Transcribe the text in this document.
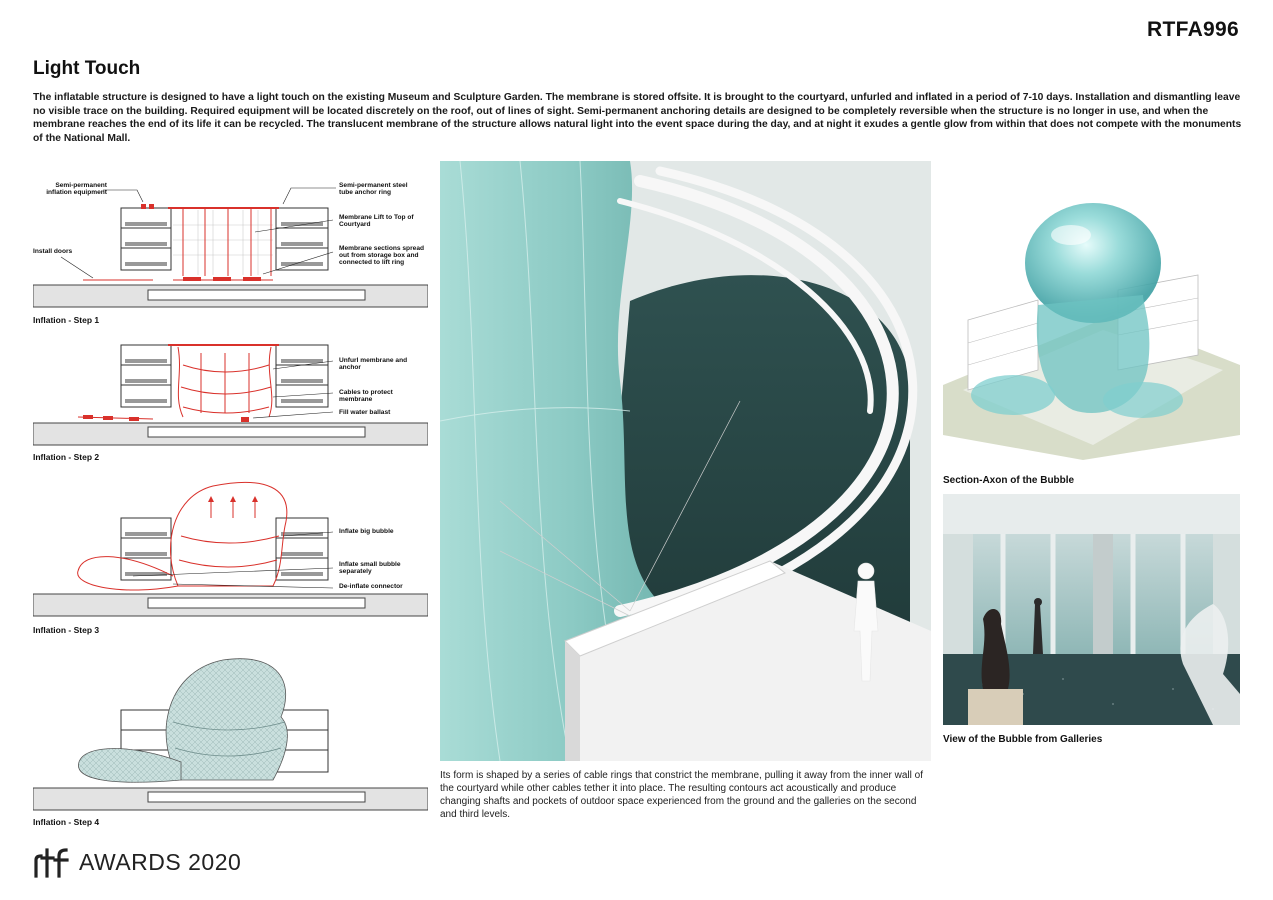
RTFA996
Light Touch
The inflatable structure is designed to have a light touch on the existing Museum and Sculpture Garden. The membrane is stored offsite. It is brought to the courtyard, unfurled and inflated in a period of 7-10 days. Installation and dismantling leave no visible trace on the building. Required equipment will be located discretely on the roof, out of lines of sight. Semi-permanent anchoring details are designed to be completely reversible when the structure is no longer in use, and when the membrane reaches the end of its life it can be recycled. The translucent membrane of the structure allows natural light into the event space during the day, and at night it exudes a gentle glow from within that does not compete with the monuments of the National Mall.
Semi-permanent inflation equipment
Semi-permanent steel tube anchor ring
Membrane Lift to Top of Courtyard
Install doors	Membrane sections spread out from storage box and connected to lift ring
Inflation - Step 1
Unfurl membrane and anchor
Cables to protect membrane
Fill water ballast
Inflation - Step 2
Inflate big bubble
Inflate small bubble separately
De-inflate connector
Inflation - Step 3
Inflation - Step 4
Its form is shaped by a series of cable rings that constrict the membrane, pulling it away from the inner wall of the courtyard while other cables tether it into place. The resulting contours act acoustically and produce changing shafts and pockets of outdoor space experienced from the ground and the galleries on the second and third levels.
Section-Axon of the Bubble
View of the Bubble from Galleries
AWARDS 2020
